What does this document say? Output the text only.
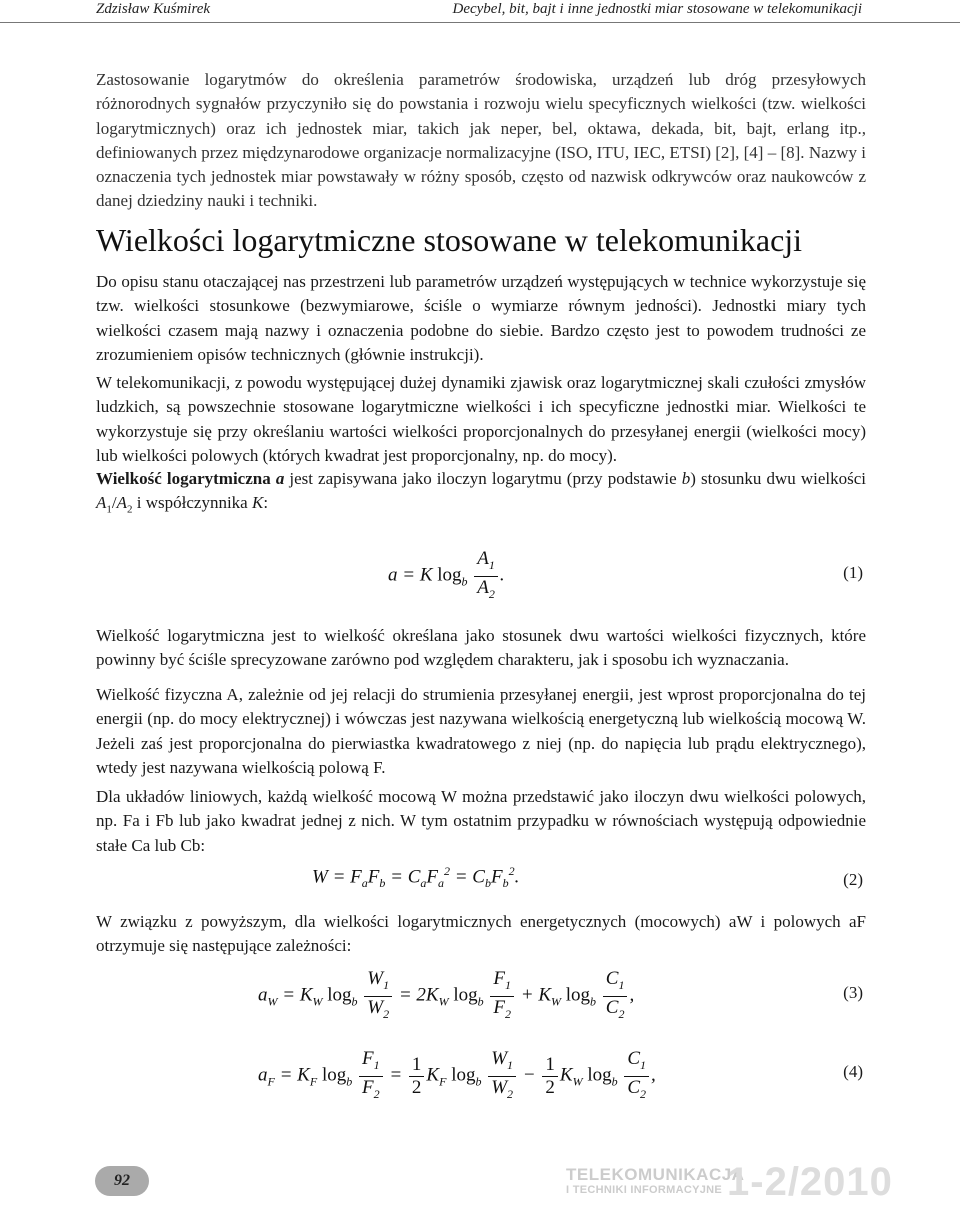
Zdzisław Kuśmirek	Decybel, bit, bajt i inne jednostki miar stosowane w telekomunikacji

Zastosowanie logarytmów do określenia parametrów środowiska, urządzeń lub dróg przesyłowych różnorodnych sygnałów przyczyniło się do powstania i rozwoju wielu specyficznych wielkości (tzw. wielkości logarytmicznych) oraz ich jednostek miar, takich jak neper, bel, oktawa, dekada, bit, bajt, erlang itp., definiowanych przez międzynarodowe organizacje normalizacyjne (ISO, ITU, IEC, ETSI) [2], [4] – [8]. Nazwy i oznaczenia tych jednostek miar powstawały w różny sposób, często od nazwisk odkrywców oraz naukowców z danej dziedziny nauki i techniki.

Wielkości logarytmiczne stosowane w telekomunikacji

Do opisu stanu otaczającej nas przestrzeni lub parametrów urządzeń występujących w technice wykorzystuje się tzw. wielkości stosunkowe (bezwymiarowe, ściśle o wymiarze równym jedności). Jednostki miary tych wielkości czasem mają nazwy i oznaczenia podobne do siebie. Bardzo często jest to powodem trudności ze zrozumieniem opisów technicznych (głównie instrukcji).

W telekomunikacji, z powodu występującej dużej dynamiki zjawisk oraz logarytmicznej skali czułości zmysłów ludzkich, są powszechnie stosowane logarytmiczne wielkości i ich specyficzne jednostki miar. Wielkości te wykorzystuje się przy określaniu wartości wielkości proporcjonalnych do przesyłanej energii (wielkości mocy) lub wielkości polowych (których kwadrat jest proporcjonalny, np. do mocy).

Wielkość logarytmiczna a jest zapisywana jako iloczyn logarytmu (przy podstawie b) stosunku dwu wielkości $A_1/A_2$ i współczynnika K:

a = K $\log_b \frac{A_1}{A_2}$ .	(1)

Wielkość logarytmiczna jest to wielkość określana jako stosunek dwu wartości wielkości fizycznych, które powinny być ściśle sprecyzowane zarówno pod względem charakteru, jak i sposobu ich wyznaczania.

Wielkość fizyczna A, zależnie od jej relacji do strumienia przesyłanej energii, jest wprost proporcjonalna do tej energii (np. do mocy elektrycznej) i wówczas jest nazywana wielkością energetyczną lub wielkością mocową W. Jeżeli zaś jest proporcjonalna do pierwiastka kwadratowego z niej (np. do napięcia lub prądu elektrycznego), wtedy jest nazywana wielkością polową F.

Dla układów liniowych, każdą wielkość mocową W można przedstawić jako iloczyn dwu wielkości polowych, np. Fa i Fb lub jako kwadrat jednej z nich. W tym ostatnim przypadku w równościach występują odpowiednie stałe Ca lub Cb:

$W = F_aF_b = C_aF_a^2 = C_bF_b^2$.	(2)

W związku z powyższym, dla wielkości logarytmicznych energetycznych (mocowych) aW i polowych aF otrzymuje się następujące zależności:

$a_W = K_W$ $\log_b \frac{W_1}{W_2} = 2K_W$ $\log_b \frac{F_1}{F_2} + K_W$ $\log_b \frac{C_1}{C_2}$ ,	(3)
$a_F = K_F$ $\log_b \frac{F_1}{F_2} = \frac{1}{2} K_F$ $\log_b \frac{W_1}{W_2} - \frac{1}{2} K_W$ $\log_b \frac{C_1}{C_2}$ ,	(4)
92	TELEKOMUNIKACJA
I TECHNIKI INFORMACYJNE 1-2/2010
